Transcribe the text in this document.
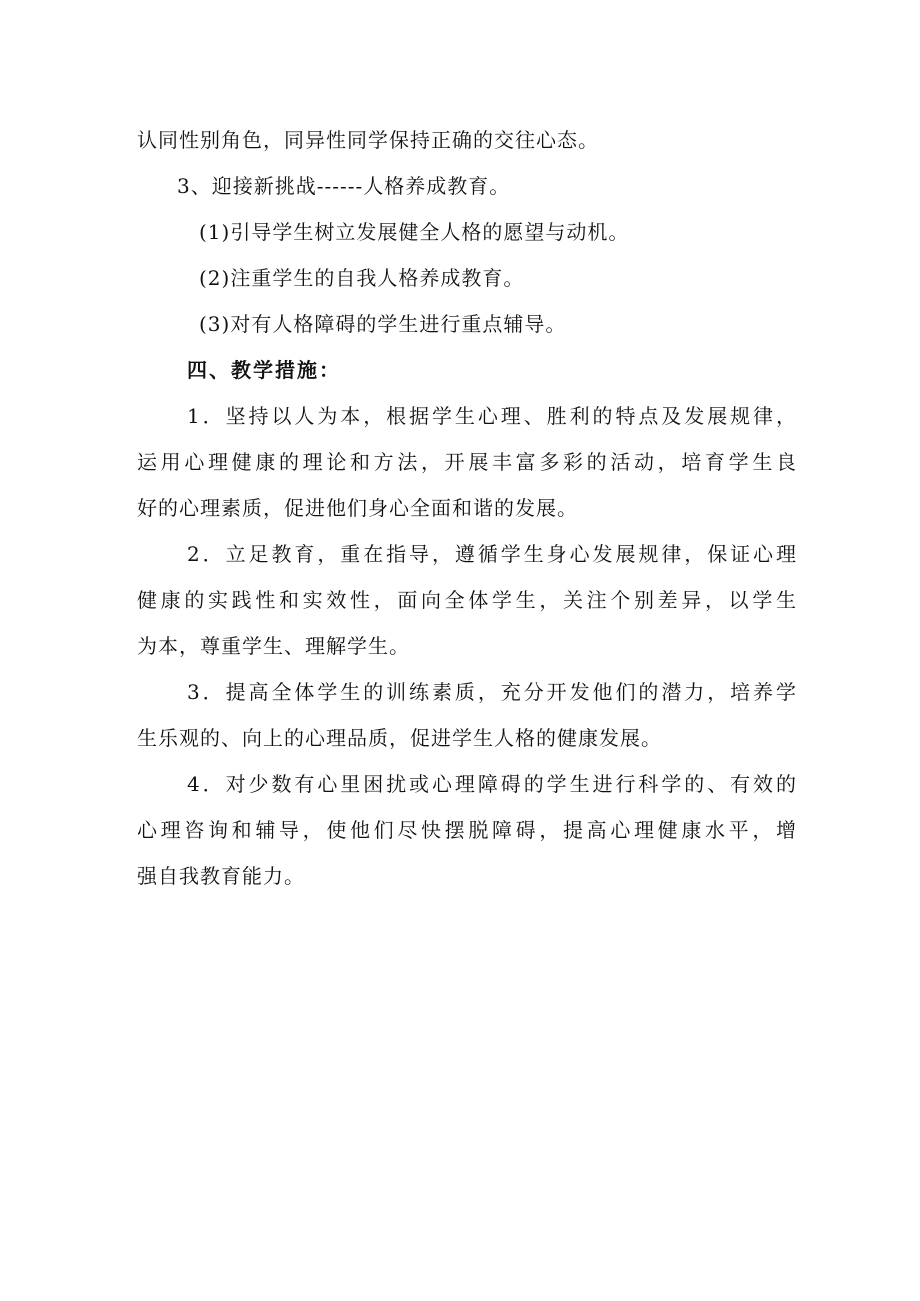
认同性别角色，同异性同学保持正确的交往心态。
3、迎接新挑战------人格养成教育。
(1)引导学生树立发展健全人格的愿望与动机。
(2)注重学生的自我人格养成教育。
(3)对有人格障碍的学生进行重点辅导。
四、教学措施：
1．坚持以人为本，根据学生心理、胜利的特点及发展规律，
运用心理健康的理论和方法，开展丰富多彩的活动，培育学生良
好的心理素质，促进他们身心全面和谐的发展。
2．立足教育，重在指导，遵循学生身心发展规律，保证心理
健康的实践性和实效性，面向全体学生，关注个别差异，以学生
为本，尊重学生、理解学生。
3．提高全体学生的训练素质，充分开发他们的潜力，培养学
生乐观的、向上的心理品质，促进学生人格的健康发展。
4．对少数有心里困扰或心理障碍的学生进行科学的、有效的
心理咨询和辅导，使他们尽快摆脱障碍，提高心理健康水平，增
强自我教育能力。
